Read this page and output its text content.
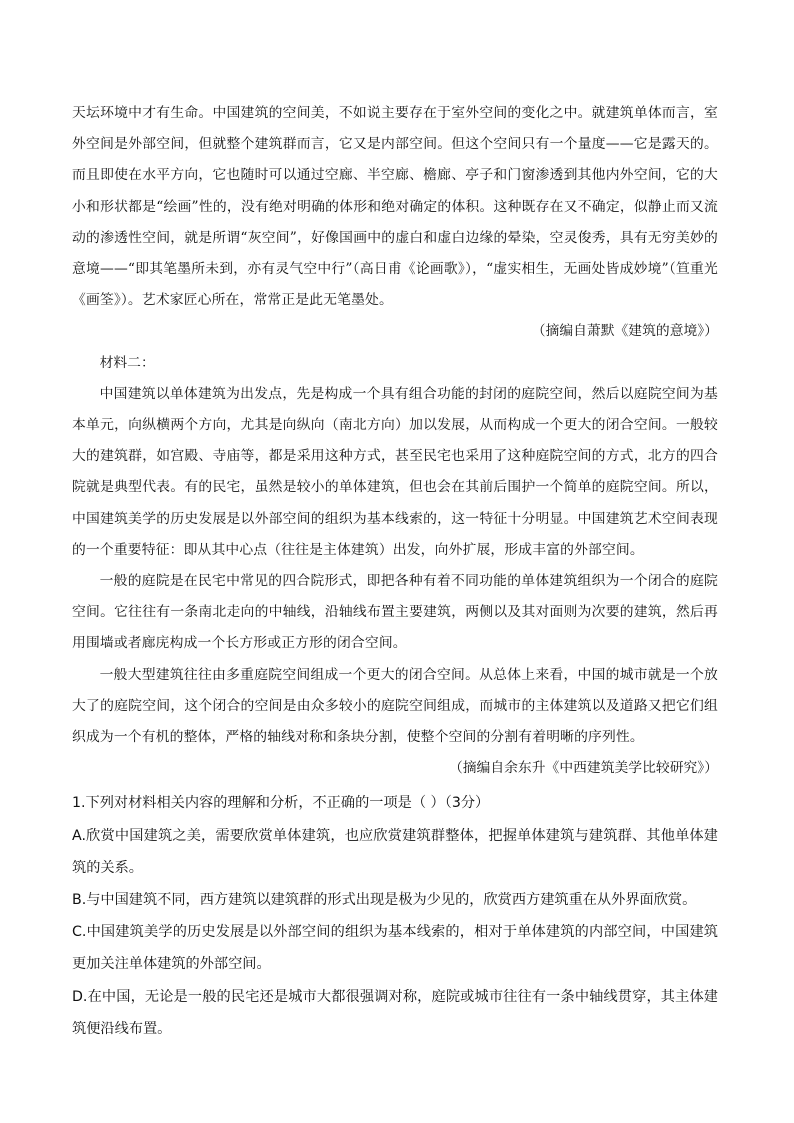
天坛环境中才有生命。中国建筑的空间美，不如说主要存在于室外空间的变化之中。就建筑单体而言，室外空间是外部空间，但就整个建筑群而言，它又是内部空间。但这个空间只有一个量度——它是露天的。而且即使在水平方向，它也随时可以通过空廊、半空廊、檐廊、亭子和门窗渗透到其他内外空间，它的大小和形状都是“绘画”性的，没有绝对明确的体形和绝对确定的体积。这种既存在又不确定，似静止而又流动的渗透性空间，就是所谓“灰空间”，好像国画中的虚白和虚白边缘的晕染，空灵俊秀，具有无穷美妙的意境——“即其笔墨所未到，亦有灵气空中行”（高日甫《论画歌》），“虚实相生，无画处皆成妙境”（笪重光《画筌》）。艺术家匠心所在，常常正是此无笔墨处。

（摘编自萧默《建筑的意境》）

材料二：

中国建筑以单体建筑为出发点，先是构成一个具有组合功能的封闭的庭院空间，然后以庭院空间为基本单元，向纵横两个方向，尤其是向纵向（南北方向）加以发展，从而构成一个更大的闭合空间。一般较大的建筑群，如宫殿、寺庙等，都是采用这种方式，甚至民宅也采用了这种庭院空间的方式，北方的四合院就是典型代表。有的民宅，虽然是较小的单体建筑，但也会在其前后围护一个简单的庭院空间。所以，中国建筑美学的历史发展是以外部空间的组织为基本线索的，这一特征十分明显。中国建筑艺术空间表现的一个重要特征：即从其中心点（往往是主体建筑）出发，向外扩展，形成丰富的外部空间。

一般的庭院是在民宅中常见的四合院形式，即把各种有着不同功能的单体建筑组织为一个闭合的庭院空间。它往往有一条南北走向的中轴线，沿轴线布置主要建筑，两侧以及其对面则为次要的建筑，然后再用围墙或者廊庑构成一个长方形或正方形的闭合空间。

一般大型建筑往往由多重庭院空间组成一个更大的闭合空间。从总体上来看，中国的城市就是一个放大了的庭院空间，这个闭合的空间是由众多较小的庭院空间组成，而城市的主体建筑以及道路又把它们组织成为一个有机的整体，严格的轴线对称和条块分割，使整个空间的分割有着明晰的序列性。

（摘编自余东升《中西建筑美学比较研究》）

1.下列对材料相关内容的理解和分析，不正确的一项是（ ）（3分）

A.欣赏中国建筑之美，需要欣赏单体建筑，也应欣赏建筑群整体，把握单体建筑与建筑群、其他单体建筑的关系。

B.与中国建筑不同，西方建筑以建筑群的形式出现是极为少见的，欣赏西方建筑重在从外界面欣赏。

C.中国建筑美学的历史发展是以外部空间的组织为基本线索的，相对于单体建筑的内部空间，中国建筑更加关注单体建筑的外部空间。

D.在中国，无论是一般的民宅还是城市大都很强调对称，庭院或城市往往有一条中轴线贯穿，其主体建筑便沿线布置。
